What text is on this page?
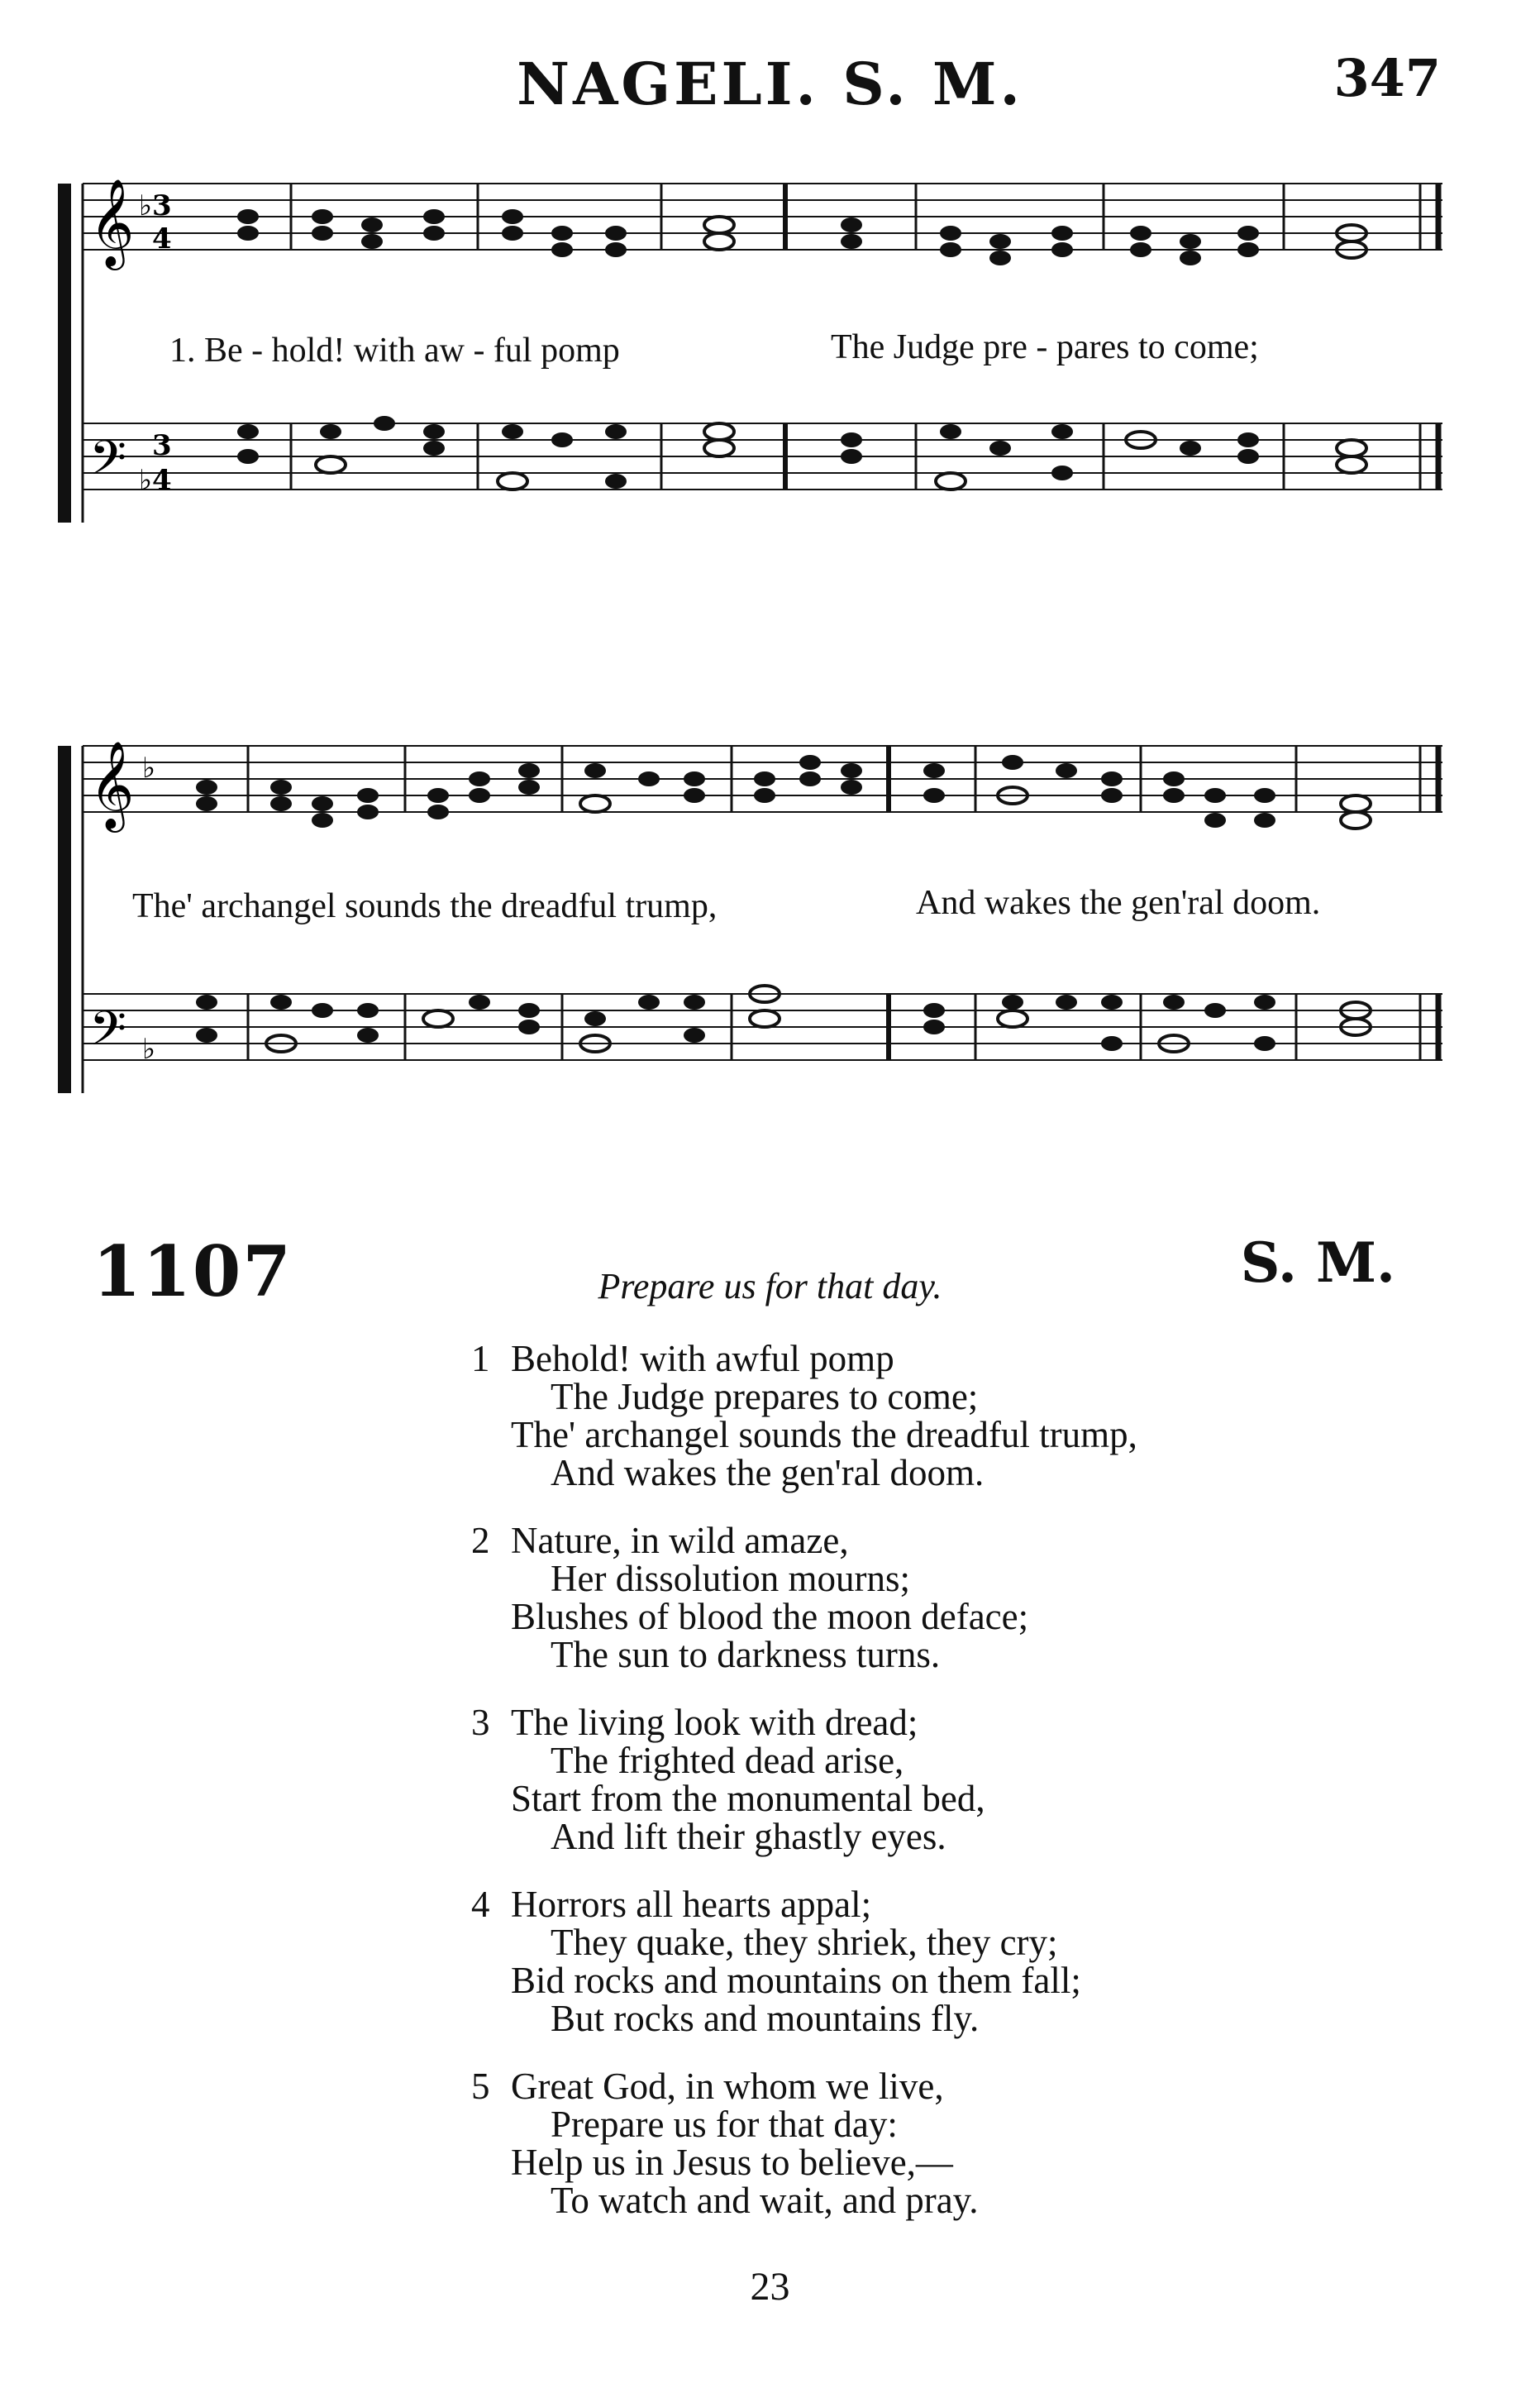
NAGELI. S. M.	347
𝄞
𝄢
♭ 3
4
3
♭ 4
1. Be - hold! with aw - ful pomp	The Judge pre - pares to come;
𝄞
𝄢
♭
♭
The' archangel sounds the dreadful trump,	And wakes the gen'ral doom.
1107	S. M.
Prepare us for that day.
1 Behold! with awful pomp
The Judge prepares to come;
The' archangel sounds the dreadful trump,
And wakes the gen'ral doom.
2 Nature, in wild amaze,
Her dissolution mourns;
Blushes of blood the moon deface;
The sun to darkness turns.
3 The living look with dread;
The frighted dead arise,
Start from the monumental bed,
And lift their ghastly eyes.
4 Horrors all hearts appal;
They quake, they shriek, they cry;
Bid rocks and mountains on them fall;
But rocks and mountains fly.
5 Great God, in whom we live,
Prepare us for that day:
Help us in Jesus to believe,—
To watch and wait, and pray.
23
